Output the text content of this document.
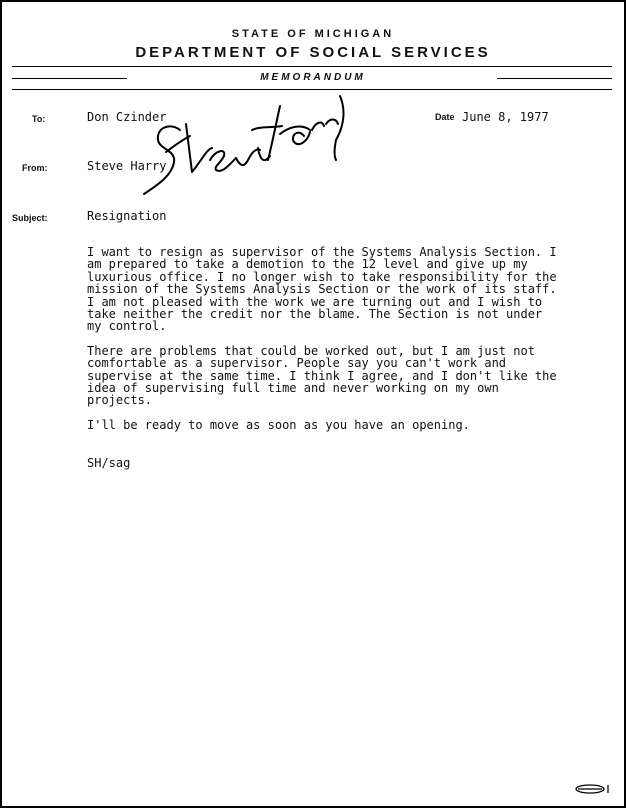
STATE OF MICHIGAN
DEPARTMENT OF SOCIAL SERVICES
MEMORANDUM
To:	Don Czinder	Date June 8, 1977
From:	Steve Harry
Subject:	Resignation

I want to resign as supervisor of the Systems Analysis Section. I am prepared to take a demotion to the 12 level and give up my luxurious office. I no longer wish to take responsibility for the mission of the Systems Analysis Section or the work of its staff. I am not pleased with the work we are turning out and I wish to take neither the credit nor the blame. The Section is not under my control.

There are problems that could be worked out, but I am just not comfortable as a supervisor. People say you can't work and supervise at the same time. I think I agree, and I don't like the idea of supervising full time and never working on my own projects.

I'll be ready to move as soon as you have an opening.

SH/sag
